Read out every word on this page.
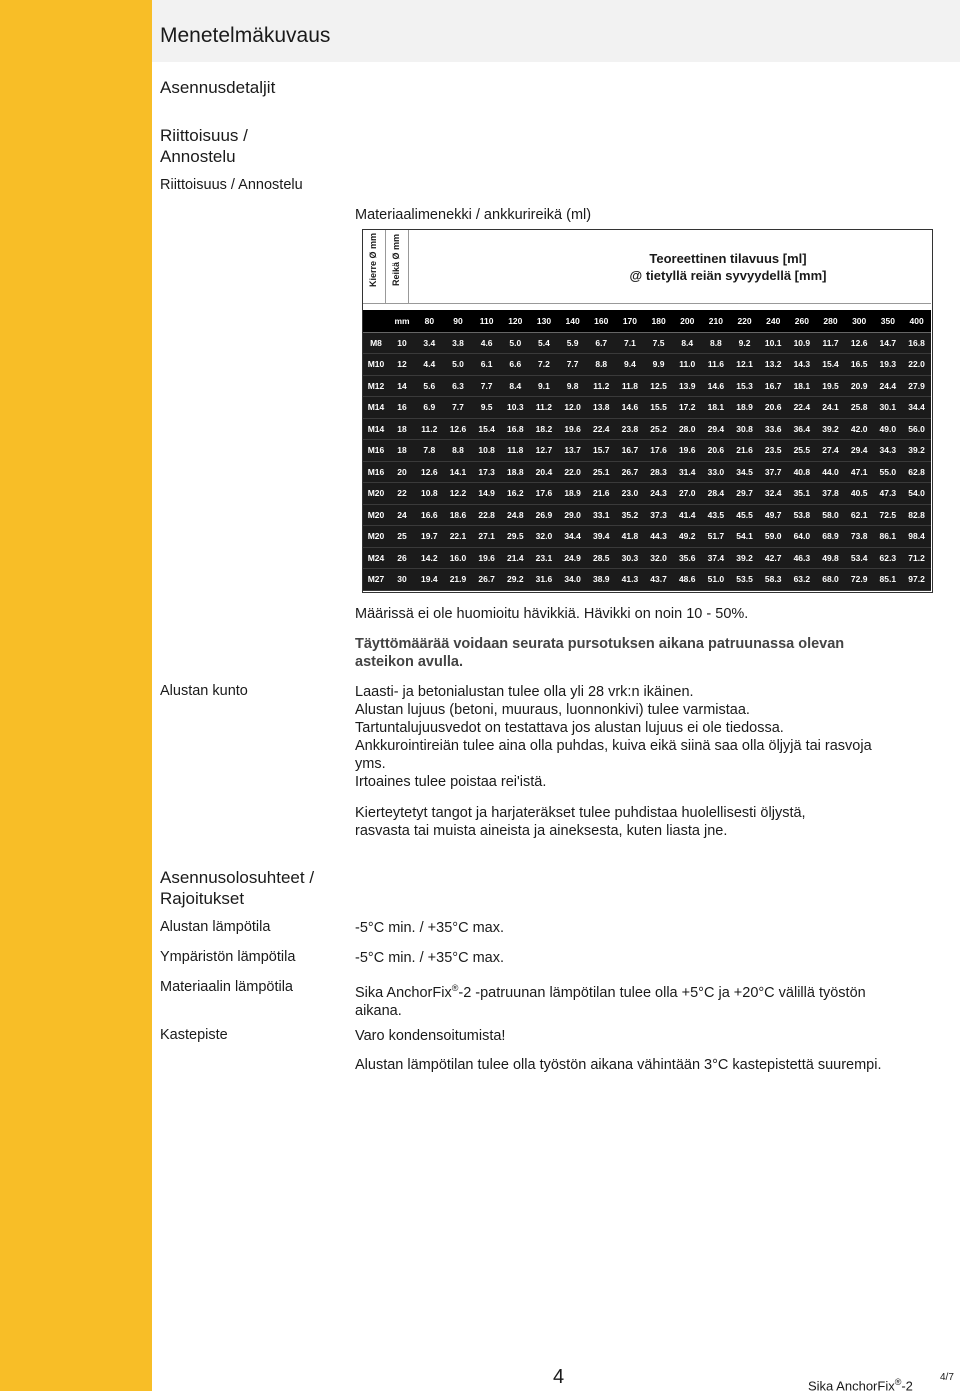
Menetelmäkuvaus
Asennusdetaljit
Riittoisuus / Annostelu
Riittoisuus / Annostelu
Materiaalimenekki / ankkurireikä (ml)
Kierre Ø mm Reikä Ø mm	Teoreettinen tilavuus [ml]
@ tietyllä reiän syvyydellä [mm]
	mm	80	90	110	120	130	140	160	170	180	200	210	220	240	260	280	300	350	400
M8	10	3.4	3.8	4.6	5.0	5.4	5.9	6.7	7.1	7.5	8.4	8.8	9.2	10.1	10.9	11.7	12.6	14.7	16.8
M10	12	4.4	5.0	6.1	6.6	7.2	7.7	8.8	9.4	9.9	11.0	11.6	12.1	13.2	14.3	15.4	16.5	19.3	22.0
M12	14	5.6	6.3	7.7	8.4	9.1	9.8	11.2	11.8	12.5	13.9	14.6	15.3	16.7	18.1	19.5	20.9	24.4	27.9
M14	16	6.9	7.7	9.5	10.3	11.2	12.0	13.8	14.6	15.5	17.2	18.1	18.9	20.6	22.4	24.1	25.8	30.1	34.4
M14	18	11.2	12.6	15.4	16.8	18.2	19.6	22.4	23.8	25.2	28.0	29.4	30.8	33.6	36.4	39.2	42.0	49.0	56.0
M16	18	7.8	8.8	10.8	11.8	12.7	13.7	15.7	16.7	17.6	19.6	20.6	21.6	23.5	25.5	27.4	29.4	34.3	39.2
M16	20	12.6	14.1	17.3	18.8	20.4	22.0	25.1	26.7	28.3	31.4	33.0	34.5	37.7	40.8	44.0	47.1	55.0	62.8
M20	22	10.8	12.2	14.9	16.2	17.6	18.9	21.6	23.0	24.3	27.0	28.4	29.7	32.4	35.1	37.8	40.5	47.3	54.0
M20	24	16.6	18.6	22.8	24.8	26.9	29.0	33.1	35.2	37.3	41.4	43.5	45.5	49.7	53.8	58.0	62.1	72.5	82.8
M20	25	19.7	22.1	27.1	29.5	32.0	34.4	39.4	41.8	44.3	49.2	51.7	54.1	59.0	64.0	68.9	73.8	86.1	98.4
M24	26	14.2	16.0	19.6	21.4	23.1	24.9	28.5	30.3	32.0	35.6	37.4	39.2	42.7	46.3	49.8	53.4	62.3	71.2
M27	30	19.4	21.9	26.7	29.2	31.6	34.0	38.9	41.3	43.7	48.6	51.0	53.5	58.3	63.2	68.0	72.9	85.1	97.2
Määrissä ei ole huomioitu hävikkiä. Hävikki on noin 10 - 50%.
Täyttömäärää voidaan seurata pursotuksen aikana patruunassa olevan
asteikon avulla.
Alustan kunto	Laasti- ja betonialustan tulee olla yli 28 vrk:n ikäinen.
Alustan lujuus (betoni, muuraus, luonnonkivi) tulee varmistaa.
Tartuntalujuusvedot on testattava jos alustan lujuus ei ole tiedossa.
Ankkurointireiän tulee aina olla puhdas, kuiva eikä siinä saa olla öljyjä tai rasvoja
yms.
Irtoaines tulee poistaa rei'istä.
Kierteytetyt tangot ja harjateräkset tulee puhdistaa huolellisesti öljystä,
rasvasta tai muista aineista ja aineksesta, kuten liasta jne.
Asennusolosuhteet /
Rajoitukset
Alustan lämpötila	-5°C min. / +35°C max.
Ympäristön lämpötila	-5°C min. / +35°C max.
Materiaalin lämpötila	Sika AnchorFix®-2 -patruunan lämpötilan tulee olla +5°C ja +20°C välillä työstön
aikana.
Kastepiste	Varo kondensoitumista!
Alustan lämpötilan tulee olla työstön aikana vähintään 3°C kastepistettä suurempi.
4	Sika AnchorFix®-2
4/7
